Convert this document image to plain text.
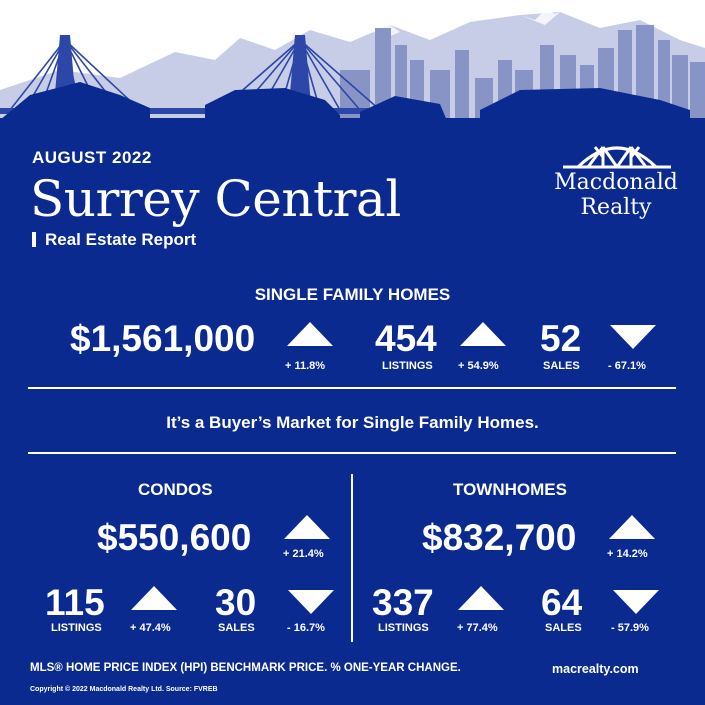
AUGUST 2022
Surrey Central
Real Estate Report
Macdonald
Realty
SINGLE FAMILY HOMES
$1,561,000
+ 11.8%
454
LISTINGS + 54.9%
52
SALES	- 67.1%
It’s a Buyer’s Market for Single Family Homes.
CONDOS
$550,600	+ 21.4%
115
LISTINGS	+ 47.4%
30
SALES	- 16.7%
TOWNHOMES
$832,700	+ 14.2%
337
LISTINGS	+ 77.4%
64
SALES	- 57.9%
MLS® HOME PRICE INDEX (HPI) BENCHMARK PRICE. % ONE-YEAR CHANGE.
Copyright © 2022 Macdonald Realty Ltd. Source: FVREB
macrealty.com
